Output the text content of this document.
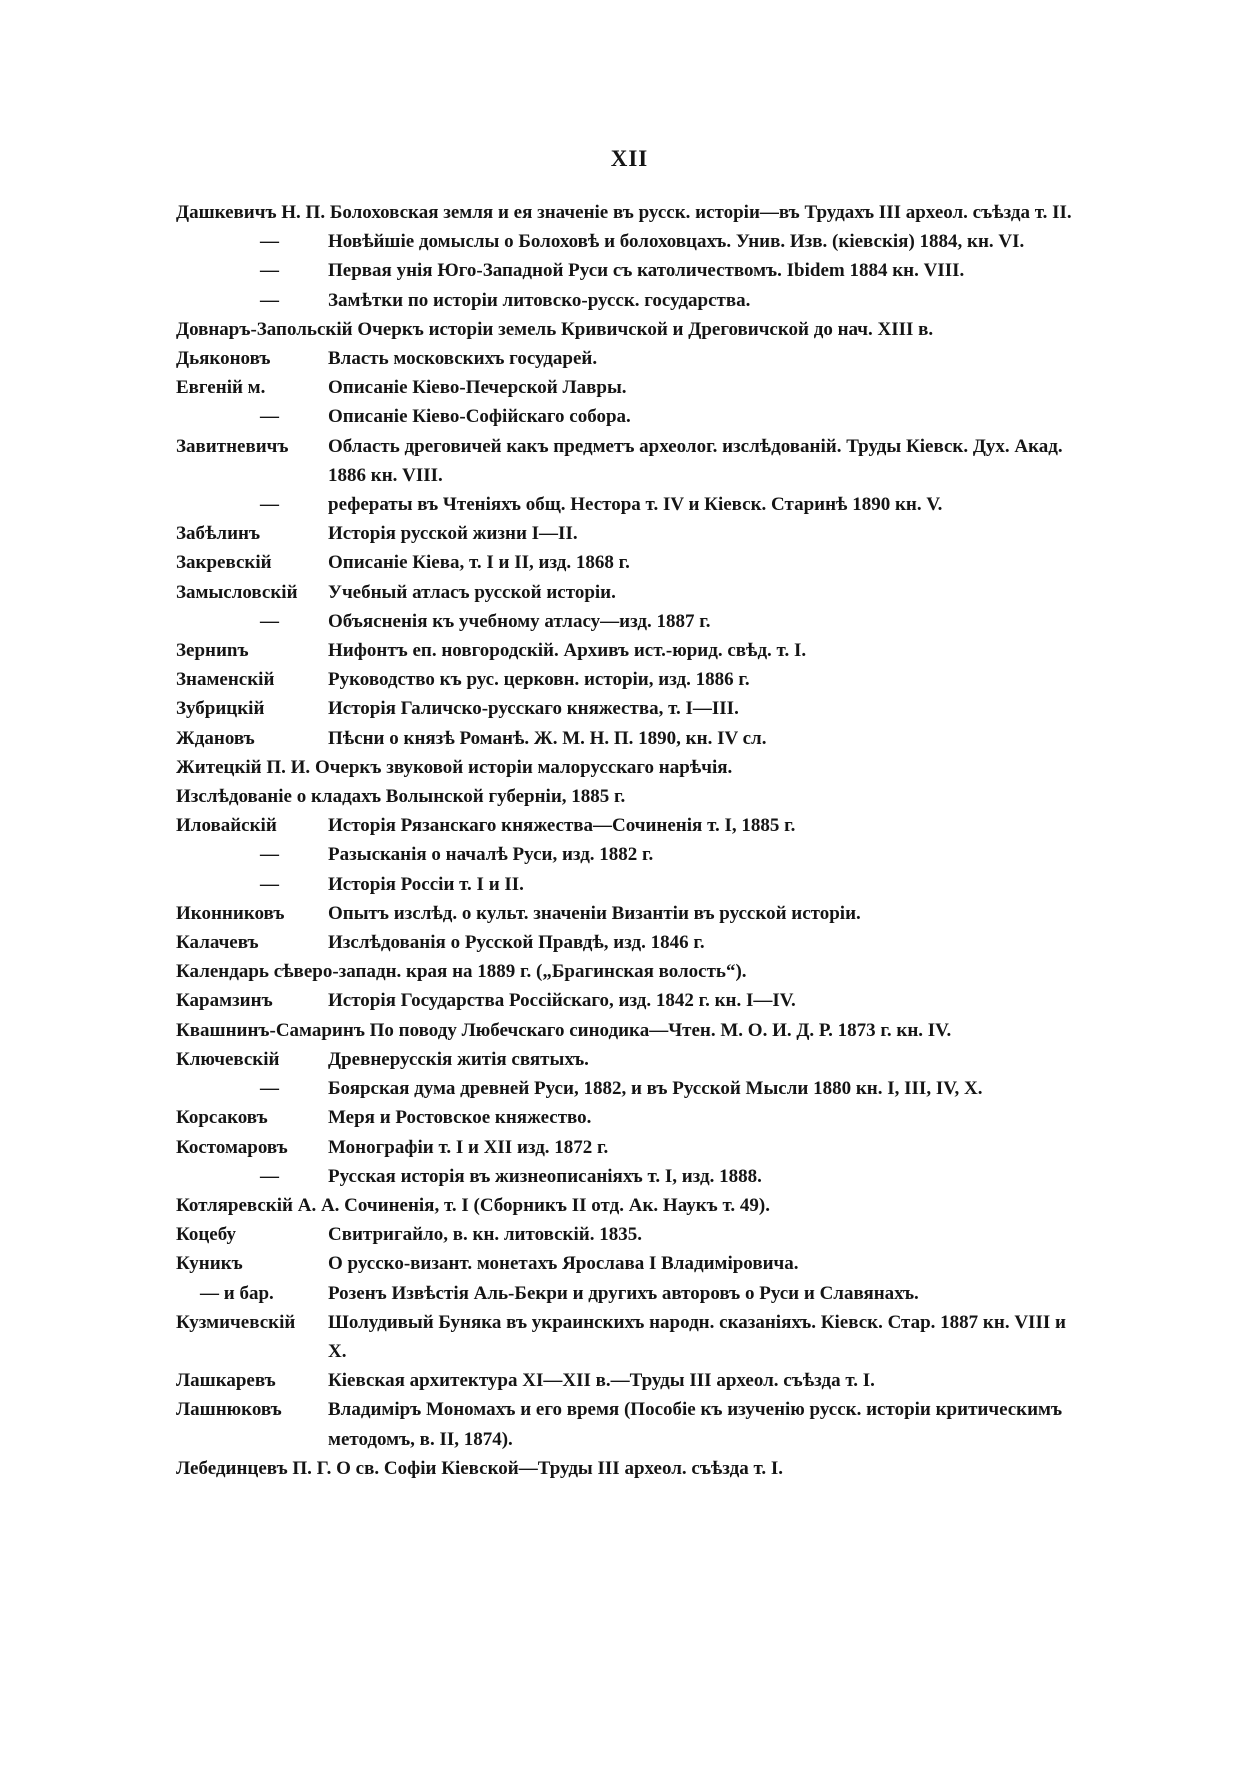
XII
Дашкевичъ Н. П. Болоховская земля и ея значеніе въ русск. исторіи—въ Трудахъ III археол. съѣзда т. II.
—	Новѣйшіе домыслы о Болоховѣ и болоховцахъ. Унив. Изв. (кіевскія) 1884, кн. VI.
—	Первая унія Юго-Западной Руси съ католичествомъ. Ibidem 1884 кн. VIII.
—	Замѣтки по исторіи литовско-русск. государства.
Довнаръ-Запольскій Очеркъ исторіи земель Кривичской и Дреговичской до нач. XIII в.
Дьяконовъ	Власть московскихъ государей.
Евгеній м.	Описаніе Кіево-Печерской Лавры.
—	Описаніе Кіево-Софійскаго собора.
Завитневичъ Область дреговичей какъ предметъ археолог. изслѣдованій. Труды Кіевск. Дух. Акад. 1886 кн. VIII.
—	рефераты въ Чтеніяхъ общ. Нестора т. IV и Кіевск. Старинѣ 1890 кн. V.
Забѣлинъ	Исторія русской жизни I—II.
Закревскій	Описаніе Кіева, т. I и II, изд. 1868 г.
Замысловскій Учебный атласъ русской исторіи.
—	Объясненія къ учебному атласу—изд. 1887 г.
Зерниnъ	Нифонтъ еп. новгородскій. Архивъ ист.-юрид. свѣд. т. I.
Знаменскій	Руководство къ рус. церковн. исторіи, изд. 1886 г.
Зубрицкій	Исторія Галичско-русскаго княжества, т. I—III.
Ждановъ	Пѣсни о князѣ Романѣ. Ж. М. Н. П. 1890, кн. IV сл.
Житецкій П. И. Очеркъ звуковой исторіи малорусскаго нарѣчія.
Изслѣдованіе о кладахъ Волынской губерніи, 1885 г.
Иловайскій	Исторія Рязанскаго княжества—Сочиненія т. I, 1885 г.
—	Разысканія о началѣ Руси, изд. 1882 г.
—	Исторія Россіи т. I и II.
Иконниковъ Опытъ изслѣд. о культ. значеніи Византіи въ русской исторіи.
Калачевъ	Изслѣдованія о Русской Правдѣ, изд. 1846 г.
Календарь сѣверо-западн. края на 1889 г. („Брагинская волость“).
Карамзинъ	Исторія Государства Россійскаго, изд. 1842 г. кн. I—IV.
Квашнинъ-Самаринъ По поводу Любечскаго синодика—Чтен. М. О. И. Д. Р. 1873 г. кн. IV.
Ключевскій	Древнерусскія житія святыхъ.
—	Боярская дума древней Руси, 1882, и въ Русской Мысли 1880 кн. I, III, IV, X.
Корсаковъ	Меря и Ростовское княжество.
Костомаровъ Монографіи т. I и XII изд. 1872 г.
—	Русская исторія въ жизнеописаніяхъ т. I, изд. 1888.
Котляревскій А. А. Сочиненія, т. I (Сборникъ II отд. Ак. Наукъ т. 49).
Коцебу	Свитригайло, в. кн. литовскій. 1835.
Куникъ	О русско-визант. монетахъ Ярослава I Владиміровича.
— и бар.	Розенъ Извѣстія Аль-Бекри и другихъ авторовъ о Руси и Славянахъ.
Кузмичевскій Шолудивый Буняка въ украинскихъ народн. сказаніяхъ. Кіевск. Стар. 1887 кн. VIII и X.
Лашкаревъ	Кіевская архитектура XI—XII в.—Труды III археол. съѣзда т. I.
Лашнюковъ Владиміръ Мономахъ и его время (Пособіе къ изученію русск. исторіи критическимъ методомъ, в. II, 1874).
Лебединцевъ П. Г. О св. Софіи Кіевской—Труды III археол. съѣзда т. I.
